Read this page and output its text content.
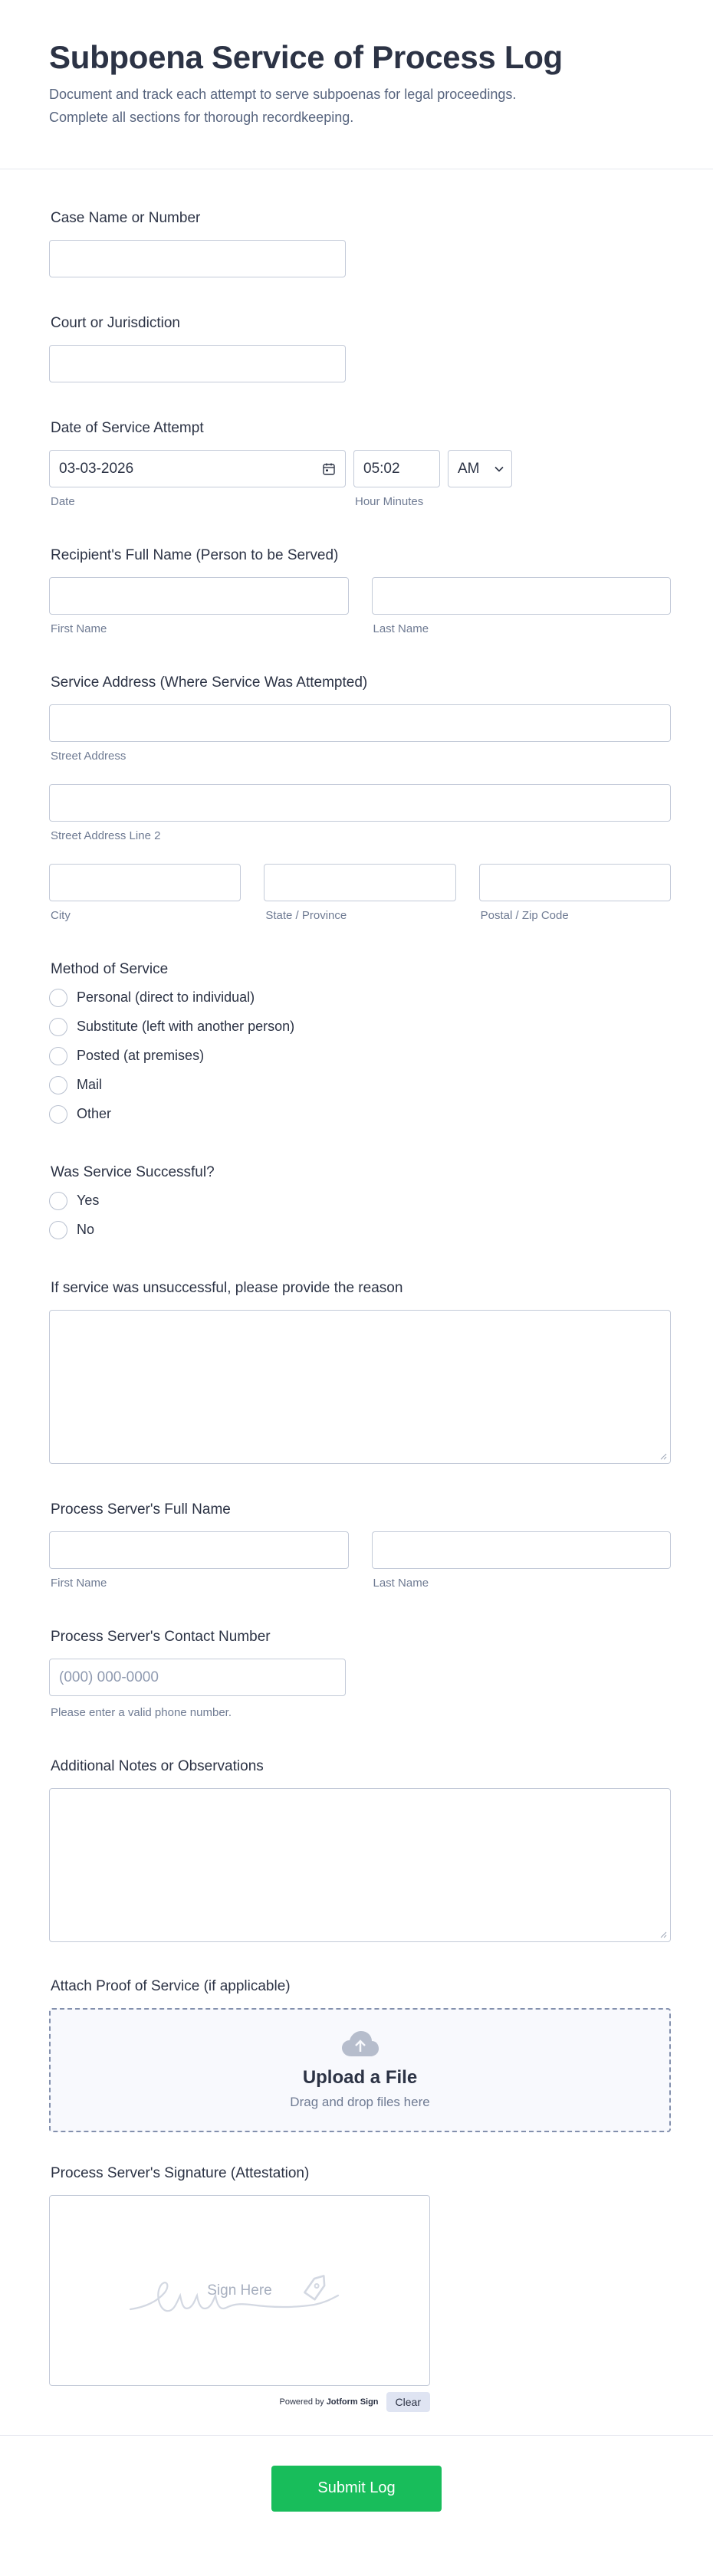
Subpoena Service of Process Log
Document and track each attempt to serve subpoenas for legal proceedings.
Complete all sections for thorough recordkeeping.
Case Name or Number
Court or Jurisdiction
Date of Service Attempt
03-03-2026
Date
05:02
Hour Minutes
AM
Recipient's Full Name (Person to be Served)
First Name	Last Name
Service Address (Where Service Was Attempted)
Street Address
Street Address Line 2
City	State / Province	Postal / Zip Code
Method of Service
Personal (direct to individual)
Substitute (left with another person)
Posted (at premises)
Mail
Other
Was Service Successful?
Yes
No
If service was unsuccessful, please provide the reason
Process Server's Full Name
First Name	Last Name
Process Server's Contact Number
(000) 000-0000
Please enter a valid phone number.
Additional Notes or Observations
Attach Proof of Service (if applicable)
Upload a File
Drag and drop files here
Process Server's Signature (Attestation)
Sign Here
Powered by Jotform Sign	Clear
Submit Log
